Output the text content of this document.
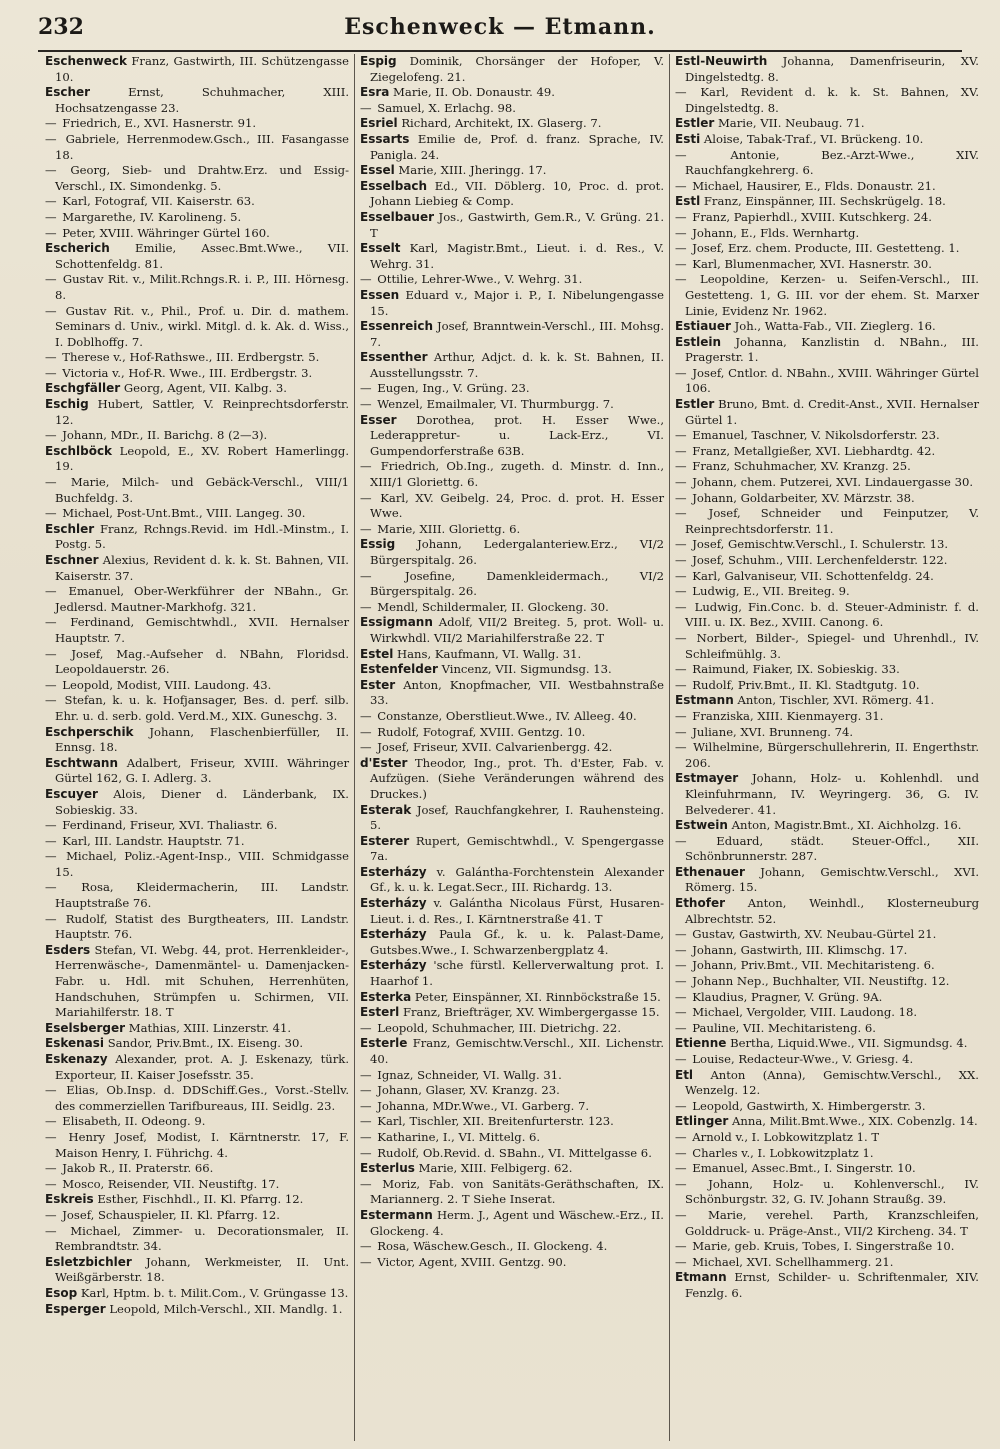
232	Eschenweck — Etmann.

Eschenweck Franz, Gastwirth, III. Schützengasse 10.

Escher	Ernst, Schuhmacher, XIII. Hochsatzengasse 23.

— Friedrich, E., XVI. Hasnerstr. 91.

— Gabriele, Herrenmodew.Gsch., III. Fasangasse 18.

— Georg, Sieb- und Drahtw.Erz. und Essig-Verschl., IX. Simondenkg. 5.

— Karl, Fotograf, VII. Kaiserstr. 63.

— Margarethe, IV. Karolineng. 5.

— Peter, XVIII. Währinger Gürtel 160.

Escherich Emilie, Assec.Bmt.Wwe., VII. Schottenfeldg. 81.

— Gustav Rit. v., Milit.Rchngs.R. i. P., III. Hörnesg. 8.

— Gustav Rit. v., Phil., Prof. u. Dir. d. mathem. Seminars d. Univ., wirkl. Mitgl. d. k. Ak. d. Wiss., I. Doblhoffg. 7.

— Therese v., Hof-Rathswe., III. Erdbergstr. 5.

— Victoria v., Hof-R. Wwe., III. Erdbergstr. 3.

Eschgfäller Georg, Agent, VII. Kalbg. 3.

Eschig Hubert, Sattler, V. Reinprechtsdorferstr. 12.

— Johann, MDr., II. Barichg. 8 (2—3).

Eschlböck Leopold, E., XV. Robert Hamerlingg. 19.

— Marie, Milch- und Gebäck-Verschl., VIII/1 Buchfeldg. 3.

— Michael, Post-Unt.Bmt., VIII. Langeg. 30.

Eschler Franz, Rchngs.Revid. im Hdl.-Minstm., I. Postg. 5.

Eschner Alexius, Revident d. k. k. St. Bahnen, VII. Kaiserstr. 37.

— Emanuel, Ober-Werkführer der NBahn., Gr. Jedlersd. Mautner-Markhofg. 321.

— Ferdinand, Gemischtwhdl., XVII. Hernalser Hauptstr. 7.

— Josef, Mag.-Aufseher d. NBahn, Floridsd. Leopoldauerstr. 26.

— Leopold, Modist, VIII. Laudong. 43.

— Stefan, k. u. k. Hofjansager, Bes. d. perf. silb. Ehr. u. d. serb. gold. Verd.M., XIX. Guneschg. 3.

Eschperschik Johann, Flaschenbierfüller, II. Ennsg. 18.

Eschtwann Adalbert, Friseur, XVIII. Währinger Gürtel 162, G. I. Adlerg. 3.

Escuyer Alois, Diener d. Länderbank, IX. Sobieskig. 33.

— Ferdinand, Friseur, XVI. Thaliastr. 6.

— Karl, III. Landstr. Hauptstr. 71.

— Michael, Poliz.-Agent-Insp., VIII. Schmidgasse 15.

— Rosa, Kleidermacherin, III. Landstr. Hauptstraße 76.

— Rudolf, Statist des Burgtheaters, III. Landstr. Hauptstr. 76.

Esders Stefan, VI. Webg. 44, prot. Herrenkleider-, Herrenwäsche-, Damenmäntel- u. Damenjacken-Fabr. u. Hdl. mit Schuhen, Herrenhüten, Handschuhen, Strümpfen u. Schirmen, VII. Mariahilferstr. 18. T

Eselsberger Mathias, XIII. Linzerstr. 41.

Eskenasi Sandor, Priv.Bmt., IX. Eiseng. 30.

Eskenazy Alexander, prot. A. J. Eskenazy, türk. Exporteur, II. Kaiser Josefsstr. 35.

— Elias, Ob.Insp. d. DDSchiff.Ges., Vorst.-Stellv. des commerziellen Tarifbureaus, III. Seidlg. 23.

— Elisabeth, II. Odeong. 9.

— Henry Josef, Modist, I. Kärntnerstr. 17, F. Maison Henry, I. Führichg. 4.

— Jakob R., II. Praterstr. 66.

— Mosco, Reisender, VII. Neustiftg. 17.

Eskreis Esther, Fischhdl., II. Kl. Pfarrg. 12.

— Josef, Schauspieler, II. Kl. Pfarrg. 12.

— Michael, Zimmer- u. Decorationsmaler, II. Rembrandtstr. 34.

Esletzbichler Johann, Werkmeister, II. Unt. Weißgärberstr. 18.

Esop Karl, Hptm. b. t. Milit.Com., V. Grüngasse 13.

Esperger Leopold, Milch-Verschl., XII. Mandlg. 1.

Espig Dominik, Chorsänger der Hofoper, V. Ziegelofeng. 21.

Esra Marie, II. Ob. Donaustr. 49.

— Samuel, X. Erlachg. 98.

Esriel Richard, Architekt, IX. Glaserg. 7.

Essarts Emilie de, Prof. d. franz. Sprache, IV. Panigla. 24.

Essel Marie, XIII. Jheringg. 17.

Esselbach Ed., VII. Döblerg. 10, Proc. d. prot. Johann Liebieg & Comp.

Esselbauer Jos., Gastwirth, Gem.R., V. Grüng. 21. T

Esselt Karl, Magistr.Bmt., Lieut. i. d. Res., V. Wehrg. 31.

— Ottilie, Lehrer-Wwe., V. Wehrg. 31.

Essen Eduard v., Major i. P., I. Nibelungengasse 15.

Essenreich Josef, Branntwein-Verschl., III. Mohsg. 7.

Essenther Arthur, Adjct. d. k. k. St. Bahnen, II. Ausstellungsstr. 7.

— Eugen, Ing., V. Grüng. 23.

— Wenzel, Emailmaler, VI. Thurmburgg. 7.

Esser Dorothea, prot. H. Esser Wwe., Lederappretur- u. Lack-Erz., VI. Gumpendorferstraße 63B.

— Friedrich, Ob.Ing., zugeth. d. Minstr. d. Inn., XIII/1 Gloriettg. 6.

— Karl, XV. Geibelg. 24, Proc. d. prot. H. Esser Wwe.

— Marie, XIII. Gloriettg. 6.

Essig Johann, Ledergalanteriew.Erz., VI/2 Bürgerspitalg. 26.

—	Josefine, Damenkleidermach., VI/2 Bürgerspitalg. 26.

— Mendl, Schildermaler, II. Glockeng. 30.

Essigmann Adolf, VII/2 Breiteg. 5, prot. Woll- u. Wirkwhdl. VII/2 Mariahilferstraße 22. T

Estel Hans, Kaufmann, VI. Wallg. 31.

Estenfelder Vincenz, VII. Sigmundsg. 13.

Ester Anton, Knopfmacher, VII. Westbahnstraße 33.

— Constanze, Oberstlieut.Wwe., IV. Alleeg. 40.

— Rudolf, Fotograf, XVIII. Gentzg. 10.

— Josef, Friseur, XVII. Calvarienbergg. 42.

d'Ester Theodor, Ing., prot. Th. d'Ester, Fab. v. Aufzügen. (Siehe Veränderungen während des Druckes.)

Esterak Josef, Rauchfangkehrer, I. Rauhensteing. 5.

Esterer Rupert, Gemischtwhdl., V. Spengergasse 7a.

Esterházy v. Galántha-Forchtenstein Alexander Gf., k. u. k. Legat.Secr., III. Richardg. 13.

Esterházy v. Galántha Nicolaus Fürst, Husaren-Lieut. i. d. Res., I. Kärntnerstraße 41. T

Esterházy Paula Gf., k. u. k. Palast-Dame, Gutsbes.Wwe., I. Schwarzenbergplatz 4.

Esterházy 'sche fürstl. Kellerverwaltung prot. I. Haarhof 1.

Esterka Peter, Einspänner, XI. Rinnböckstraße 15.

Esterl Franz, Briefträger, XV. Wimbergergasse 15.

— Leopold, Schuhmacher, III. Dietrichg. 22.

Esterle Franz, Gemischtw.Verschl., XII. Lichenstr. 40.

— Ignaz, Schneider, VI. Wallg. 31.

— Johann, Glaser, XV. Kranzg. 23.

— Johanna, MDr.Wwe., VI. Garberg. 7.

— Karl, Tischler, XII. Breitenfurterstr. 123.

— Katharine, I., VI. Mittelg. 6.

— Rudolf, Ob.Revid. d. SBahn., VI. Mittelgasse 6.

Esterlus Marie, XIII. Felbigerg. 62.

— Moriz, Fab. von Sanitäts-Geräthschaften, IX. Mariannerg. 2. T Siehe Inserat.

Estermann Herm. J., Agent und Wäschew.-Erz., II. Glockeng. 4.

— Rosa, Wäschew.Gesch., II. Glockeng. 4.

— Victor, Agent, XVIII. Gentzg. 90.

Estl-Neuwirth Johanna, Damenfriseurin, XV. Dingelstedtg. 8.

— Karl, Revident d. k. k. St. Bahnen, XV. Dingelstedtg. 8.

Estler Marie, VII. Neubaug. 71.

Esti Aloise, Tabak-Traf., VI. Brückeng. 10.

—	Antonie, Bez.-Arzt-Wwe., XIV. Rauchfangkehrerg. 6.

— Michael, Hausirer, E., Flds. Donaustr. 21.

Estl Franz, Einspänner, III. Sechskrügelg. 18.

— Franz, Papierhdl., XVIII. Kutschkerg. 24.

— Johann, E., Flds. Wernhartg.

— Josef, Erz. chem. Producte, III. Gestetteng. 1.

— Karl, Blumenmacher, XVI. Hasnerstr. 30.

— Leopoldine, Kerzen- u. Seifen-Verschl., III. Gestetteng. 1, G. III. vor der ehem. St. Marxer Linie, Evidenz Nr. 1962.

Estiauer Joh., Watta-Fab., VII. Zieglerg. 16.

Estlein Johanna, Kanzlistin d. NBahn., III. Pragerstr. 1.

— Josef, Cntlor. d. NBahn., XVIII. Währinger Gürtel 106.

Estler Bruno, Bmt. d. Credit-Anst., XVII. Hernalser Gürtel 1.

— Emanuel, Taschner, V. Nikolsdorferstr. 23.

— Franz, Metallgießer, XVI. Liebhardtg. 42.

— Franz, Schuhmacher, XV. Kranzg. 25.

— Johann, chem. Putzerei, XVI. Lindauergasse 30.

— Johann, Goldarbeiter, XV. Märzstr. 38.

— Josef, Schneider und Feinputzer, V. Reinprechtsdorferstr. 11.

— Josef, Gemischtw.Verschl., I. Schulerstr. 13.

— Josef, Schuhm., VIII. Lerchenfelderstr. 122.

— Karl, Galvaniseur, VII. Schottenfeldg. 24.

— Ludwig, E., VII. Breiteg. 9.

— Ludwig, Fin.Conc. b. d. Steuer-Administr. f. d. VIII. u. IX. Bez., XVIII. Canong. 6.

— Norbert, Bilder-, Spiegel- und Uhrenhdl., IV. Schleifmühlg. 3.

— Raimund, Fiaker, IX. Sobieskig. 33.

— Rudolf, Priv.Bmt., II. Kl. Stadtgutg. 10.

Estmann Anton, Tischler, XVI. Römerg. 41.

— Franziska, XIII. Kienmayerg. 31.

— Juliane, XVI. Brunneng. 74.

— Wilhelmine, Bürgerschullehrerin, II. Engerthstr. 206.

Estmayer Johann, Holz- u. Kohlenhdl. und Kleinfuhrmann, IV. Weyringerg. 36, G. IV. Belvederег. 41.

Estwein Anton, Magistr.Bmt., XI. Aichholzg. 16.

—	Eduard, städt. Steuer-Offcl., XII. Schönbrunnerstr. 287.

Ethenauer Johann, Gemischtw.Verschl., XVI. Römerg. 15.

Ethofer Anton, Weinhdl., Klosterneuburg Albrechtstr. 52.

— Gustav, Gastwirth, XV. Neubau-Gürtel 21.

— Johann, Gastwirth, III. Klimschg. 17.

— Johann, Priv.Bmt., VII. Mechitaristeng. 6.

— Johann Nep., Buchhalter, VII. Neustiftg. 12.

— Klaudius, Pragner, V. Grüng. 9A.

— Michael, Vergolder, VIII. Laudong. 18.

— Pauline, VII. Mechitaristeng. 6.

Etienne Bertha, Liquid.Wwe., VII. Sigmundsg. 4.

— Louise, Redacteur-Wwe., V. Griesg. 4.

Etl Anton (Anna), Gemischtw.Verschl., XX. Wenzelg. 12.

— Leopold, Gastwirth, X. Himbergerstr. 3.

Etlinger Anna, Milit.Bmt.Wwe., XIX. Cobenzlg. 14.

— Arnold v., I. Lobkowitzplatz 1. T

— Charles v., I. Lobkowitzplatz 1.

— Emanuel, Assec.Bmt., I. Singerstr. 10.

— Johann, Holz- u. Kohlenverschl., IV. Schönburgstr. 32, G. IV. Johann Straußg. 39.

— Marie, verehel. Parth, Kranzschleifen, Golddruck- u. Präge-Anst., VII/2 Kircheng. 34. T

— Marie, geb. Kruis, Tobes, I. Singerstraße 10.

— Michael, XVI. Schellhammerg. 21.

Etmann Ernst, Schilder- u. Schriftenmaler, XIV. Fenzlg. 6.
